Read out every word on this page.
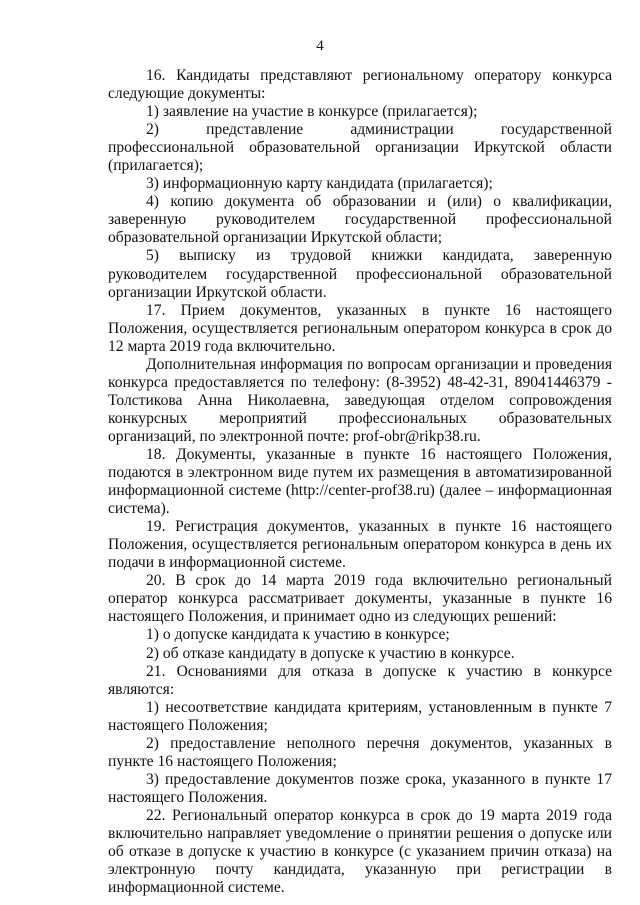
4

16. Кандидаты представляют региональному оператору конкурса следующие документы:

1) заявление на участие в конкурсе (прилагается);

2) представление администрации государственной профессиональной образовательной организации Иркутской области (прилагается);

3) информационную карту кандидата (прилагается);

4) копию документа об образовании и (или) о квалификации, заверенную руководителем государственной профессиональной образовательной организации Иркутской области;

5) выписку из трудовой книжки кандидата, заверенную руководителем государственной профессиональной образовательной организации Иркутской области.

17. Прием документов, указанных в пункте 16 настоящего Положения, осуществляется региональным оператором конкурса в срок до 12 марта 2019 года включительно.

Дополнительная информация по вопросам организации и проведения конкурса предоставляется по телефону: (8-3952) 48-42-31, 89041446379 - Толстикова Анна Николаевна, заведующая отделом сопровождения конкурсных мероприятий профессиональных образовательных организаций, по электронной почте: prof-obr@rikp38.ru.

18. Документы, указанные в пункте 16 настоящего Положения, подаются в электронном виде путем их размещения в автоматизированной информационной системе (http://center-prof38.ru) (далее – информационная система).

19. Регистрация документов, указанных в пункте 16 настоящего Положения, осуществляется региональным оператором конкурса в день их подачи в информационной системе.

20. В срок до 14 марта 2019 года включительно региональный оператор конкурса рассматривает документы, указанные в пункте 16 настоящего Положения, и принимает одно из следующих решений:

1) о допуске кандидата к участию в конкурсе;

2) об отказе кандидату в допуске к участию в конкурсе.

21. Основаниями для отказа в допуске к участию в конкурсе являются:

1) несоответствие кандидата критериям, установленным в пункте 7 настоящего Положения;

2) предоставление неполного перечня документов, указанных в пункте 16 настоящего Положения;

3) предоставление документов позже срока, указанного в пункте 17 настоящего Положения.

22. Региональный оператор конкурса в срок до 19 марта 2019 года включительно направляет уведомление о принятии решения о допуске или об отказе в допуске к участию в конкурсе (с указанием причин отказа) на электронную почту кандидата, указанную при регистрации в информационной системе.
